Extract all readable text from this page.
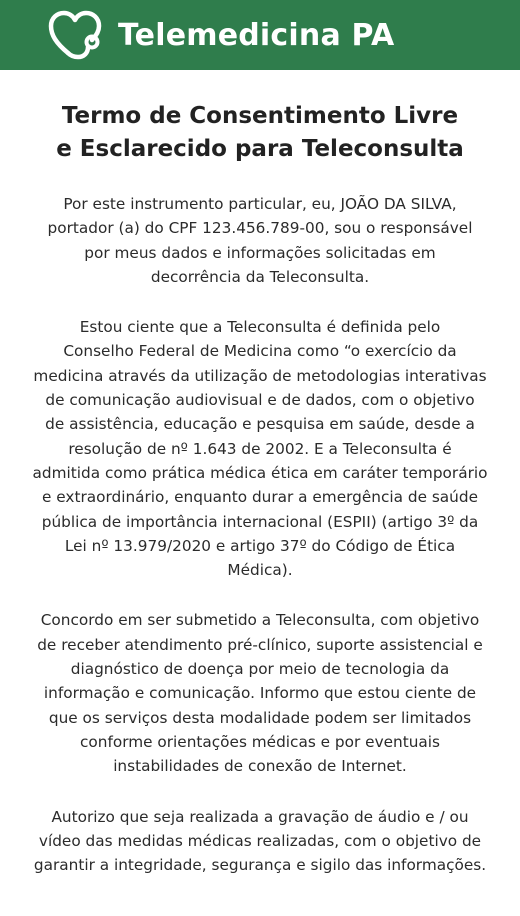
Telemedicina PA
Termo de Consentimento Livre
e Esclarecido para Teleconsulta

Por este instrumento particular, eu, JOÃO DA SILVA,
portador (a) do CPF 123.456.789-00, sou o responsável
por meus dados e informações solicitadas em
decorrência da Teleconsulta.

Estou ciente que a Teleconsulta é definida pelo
Conselho Federal de Medicina como “o exercício da
medicina através da utilização de metodologias interativas
de comunicação audiovisual e de dados, com o objetivo
de assistência, educação e pesquisa em saúde, desde a
resolução de nº 1.643 de 2002. E a Teleconsulta é
admitida como prática médica ética em caráter temporário
e extraordinário, enquanto durar a emergência de saúde
pública de importância internacional (ESPII) (artigo 3º da
Lei nº 13.979/2020 e artigo 37º do Código de Ética
Médica).

Concordo em ser submetido a Teleconsulta, com objetivo
de receber atendimento pré-clínico, suporte assistencial e
diagnóstico de doença por meio de tecnologia da
informação e comunicação. Informo que estou ciente de
que os serviços desta modalidade podem ser limitados
conforme orientações médicas e por eventuais
instabilidades de conexão de Internet.

Autorizo que seja realizada a gravação de áudio e / ou
vídeo das medidas médicas realizadas, com o objetivo de
garantir a integridade, segurança e sigilo das informações.
